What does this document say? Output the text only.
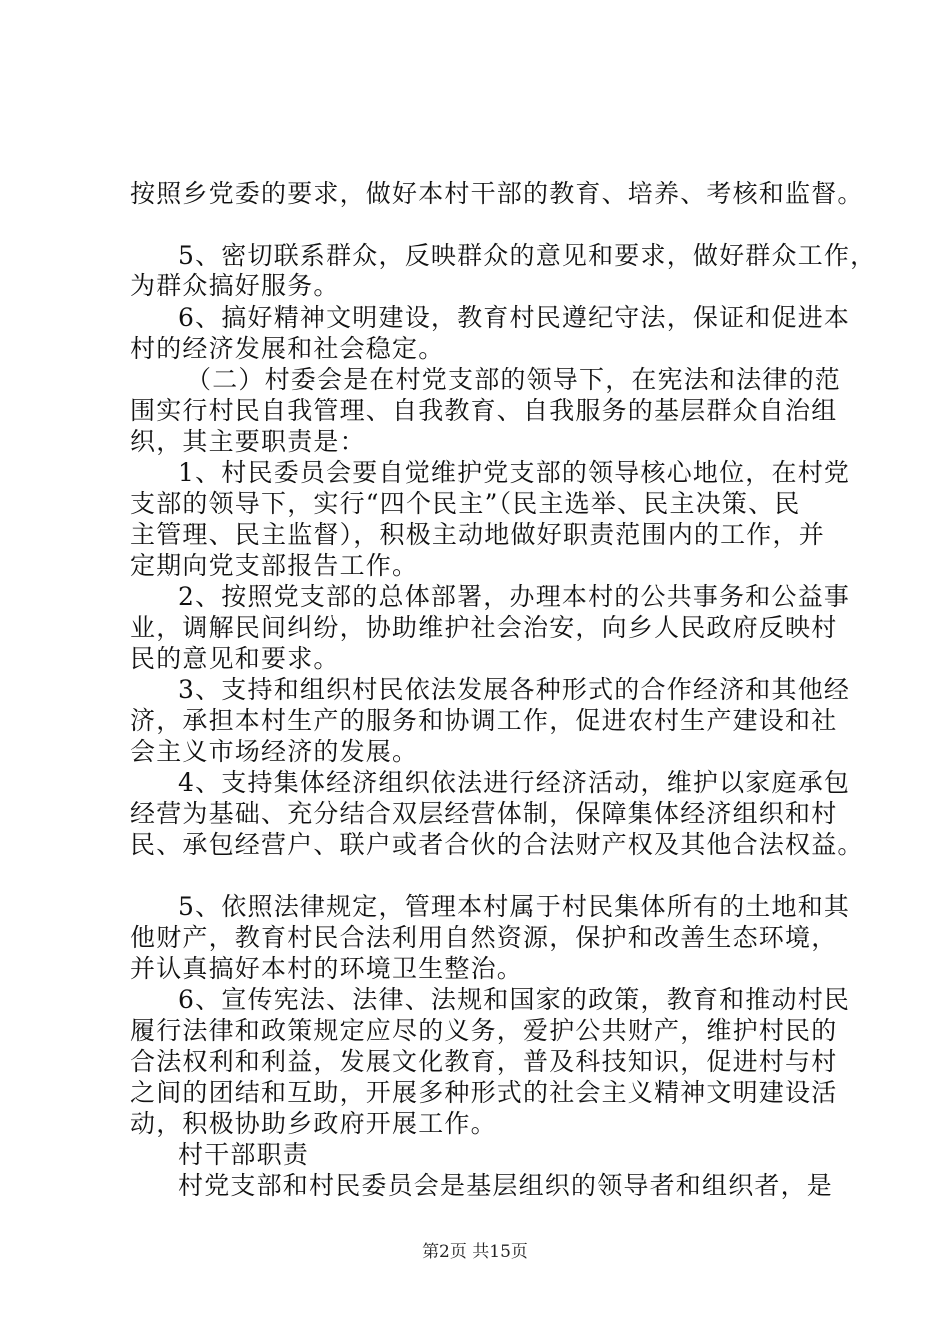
按照乡党委的要求，做好本村干部的教育、培养、考核和监督。
5、密切联系群众，反映群众的意见和要求，做好群众工作，
为群众搞好服务。
6、搞好精神文明建设，教育村民遵纪守法，保证和促进本
村的经济发展和社会稳定。
（二）村委会是在村党支部的领导下，在宪法和法律的范
围实行村民自我管理、自我教育、自我服务的基层群众自治组
织，其主要职责是：
1、村民委员会要自觉维护党支部的领导核心地位，在村党
支部的领导下，实行“四个民主”（民主选举、民主决策、民
主管理、民主监督），积极主动地做好职责范围内的工作，并
定期向党支部报告工作。
2、按照党支部的总体部署，办理本村的公共事务和公益事
业，调解民间纠纷，协助维护社会治安，向乡人民政府反映村
民的意见和要求。
3、支持和组织村民依法发展各种形式的合作经济和其他经
济，承担本村生产的服务和协调工作，促进农村生产建设和社
会主义市场经济的发展。
4、支持集体经济组织依法进行经济活动，维护以家庭承包
经营为基础、充分结合双层经营体制，保障集体经济组织和村
民、承包经营户、联户或者合伙的合法财产权及其他合法权益。
5、依照法律规定，管理本村属于村民集体所有的土地和其
他财产，教育村民合法利用自然资源，保护和改善生态环境，
并认真搞好本村的环境卫生整治。
6、宣传宪法、法律、法规和国家的政策，教育和推动村民
履行法律和政策规定应尽的义务，爱护公共财产，维护村民的
合法权利和利益，发展文化教育，普及科技知识，促进村与村
之间的团结和互助，开展多种形式的社会主义精神文明建设活
动，积极协助乡政府开展工作。
村干部职责
村党支部和村民委员会是基层组织的领导者和组织者，是
第2页 共15页
